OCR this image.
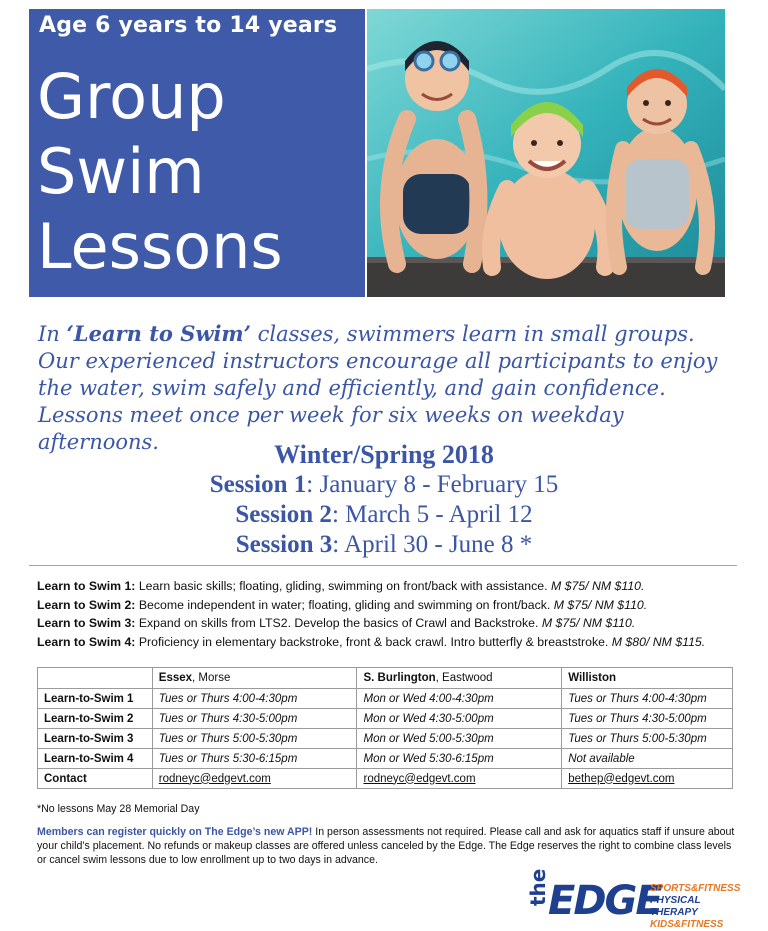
Age 6 years to 14 years
Group
Swim
Lessons

In ‘Learn to Swim’ classes, swimmers learn in small groups. Our experienced instructors encourage all participants to enjoy the water, swim safely and efficiently, and gain confidence. Lessons meet once per week for six weeks on weekday afternoons.	Winter/Spring 2018
Session 1: January 8 - February 15
Session 2: March 5 - April 12
Session 3: April 30 - June 8 *
Learn to Swim 1: Learn basic skills; floating, gliding, swimming on front/back with assistance. M $75/ NM $110.
Learn to Swim 2: Become independent in water; floating, gliding and swimming on front/back. M $75/ NM $110.
Learn to Swim 3: Expand on skills from LTS2. Develop the basics of Crawl and Backstroke. M $75/ NM $110.
Learn to Swim 4: Proficiency in elementary backstroke, front & back crawl. Intro butterfly & breaststroke. M $80/ NM $115.
	Essex, Morse	S. Burlington, Eastwood	Williston
Learn-to-Swim 1	Tues or Thurs 4:00-4:30pm	Mon or Wed 4:00-4:30pm	Tues or Thurs 4:00-4:30pm
Learn-to-Swim 2	Tues or Thurs 4:30-5:00pm	Mon or Wed 4:30-5:00pm	Tues or Thurs 4:30-5:00pm
Learn-to-Swim 3	Tues or Thurs 5:00-5:30pm	Mon or Wed 5:00-5:30pm	Tues or Thurs 5:00-5:30pm
Learn-to-Swim 4	Tues or Thurs 5:30-6:15pm	Mon or Wed 5:30-6:15pm	Not available
Contact	rodneyc@edgevt.com	rodneyc@edgevt.com	bethep@edgevt.com

*No lessons May 28 Memorial Day

Members can register quickly on The Edge’s new APP! In person assessments not required. Please call and ask for aquatics staff if unsure about your child’s placement. No refunds or makeup classes are offered unless canceled by the Edge. The Edge reserves the right to combine class levels or cancel swim lessons due to low enrollment up to two days in advance.

the
EDGE
SPORTS&FITNESS
PHYSICAL THERAPY
KIDS&FITNESS
